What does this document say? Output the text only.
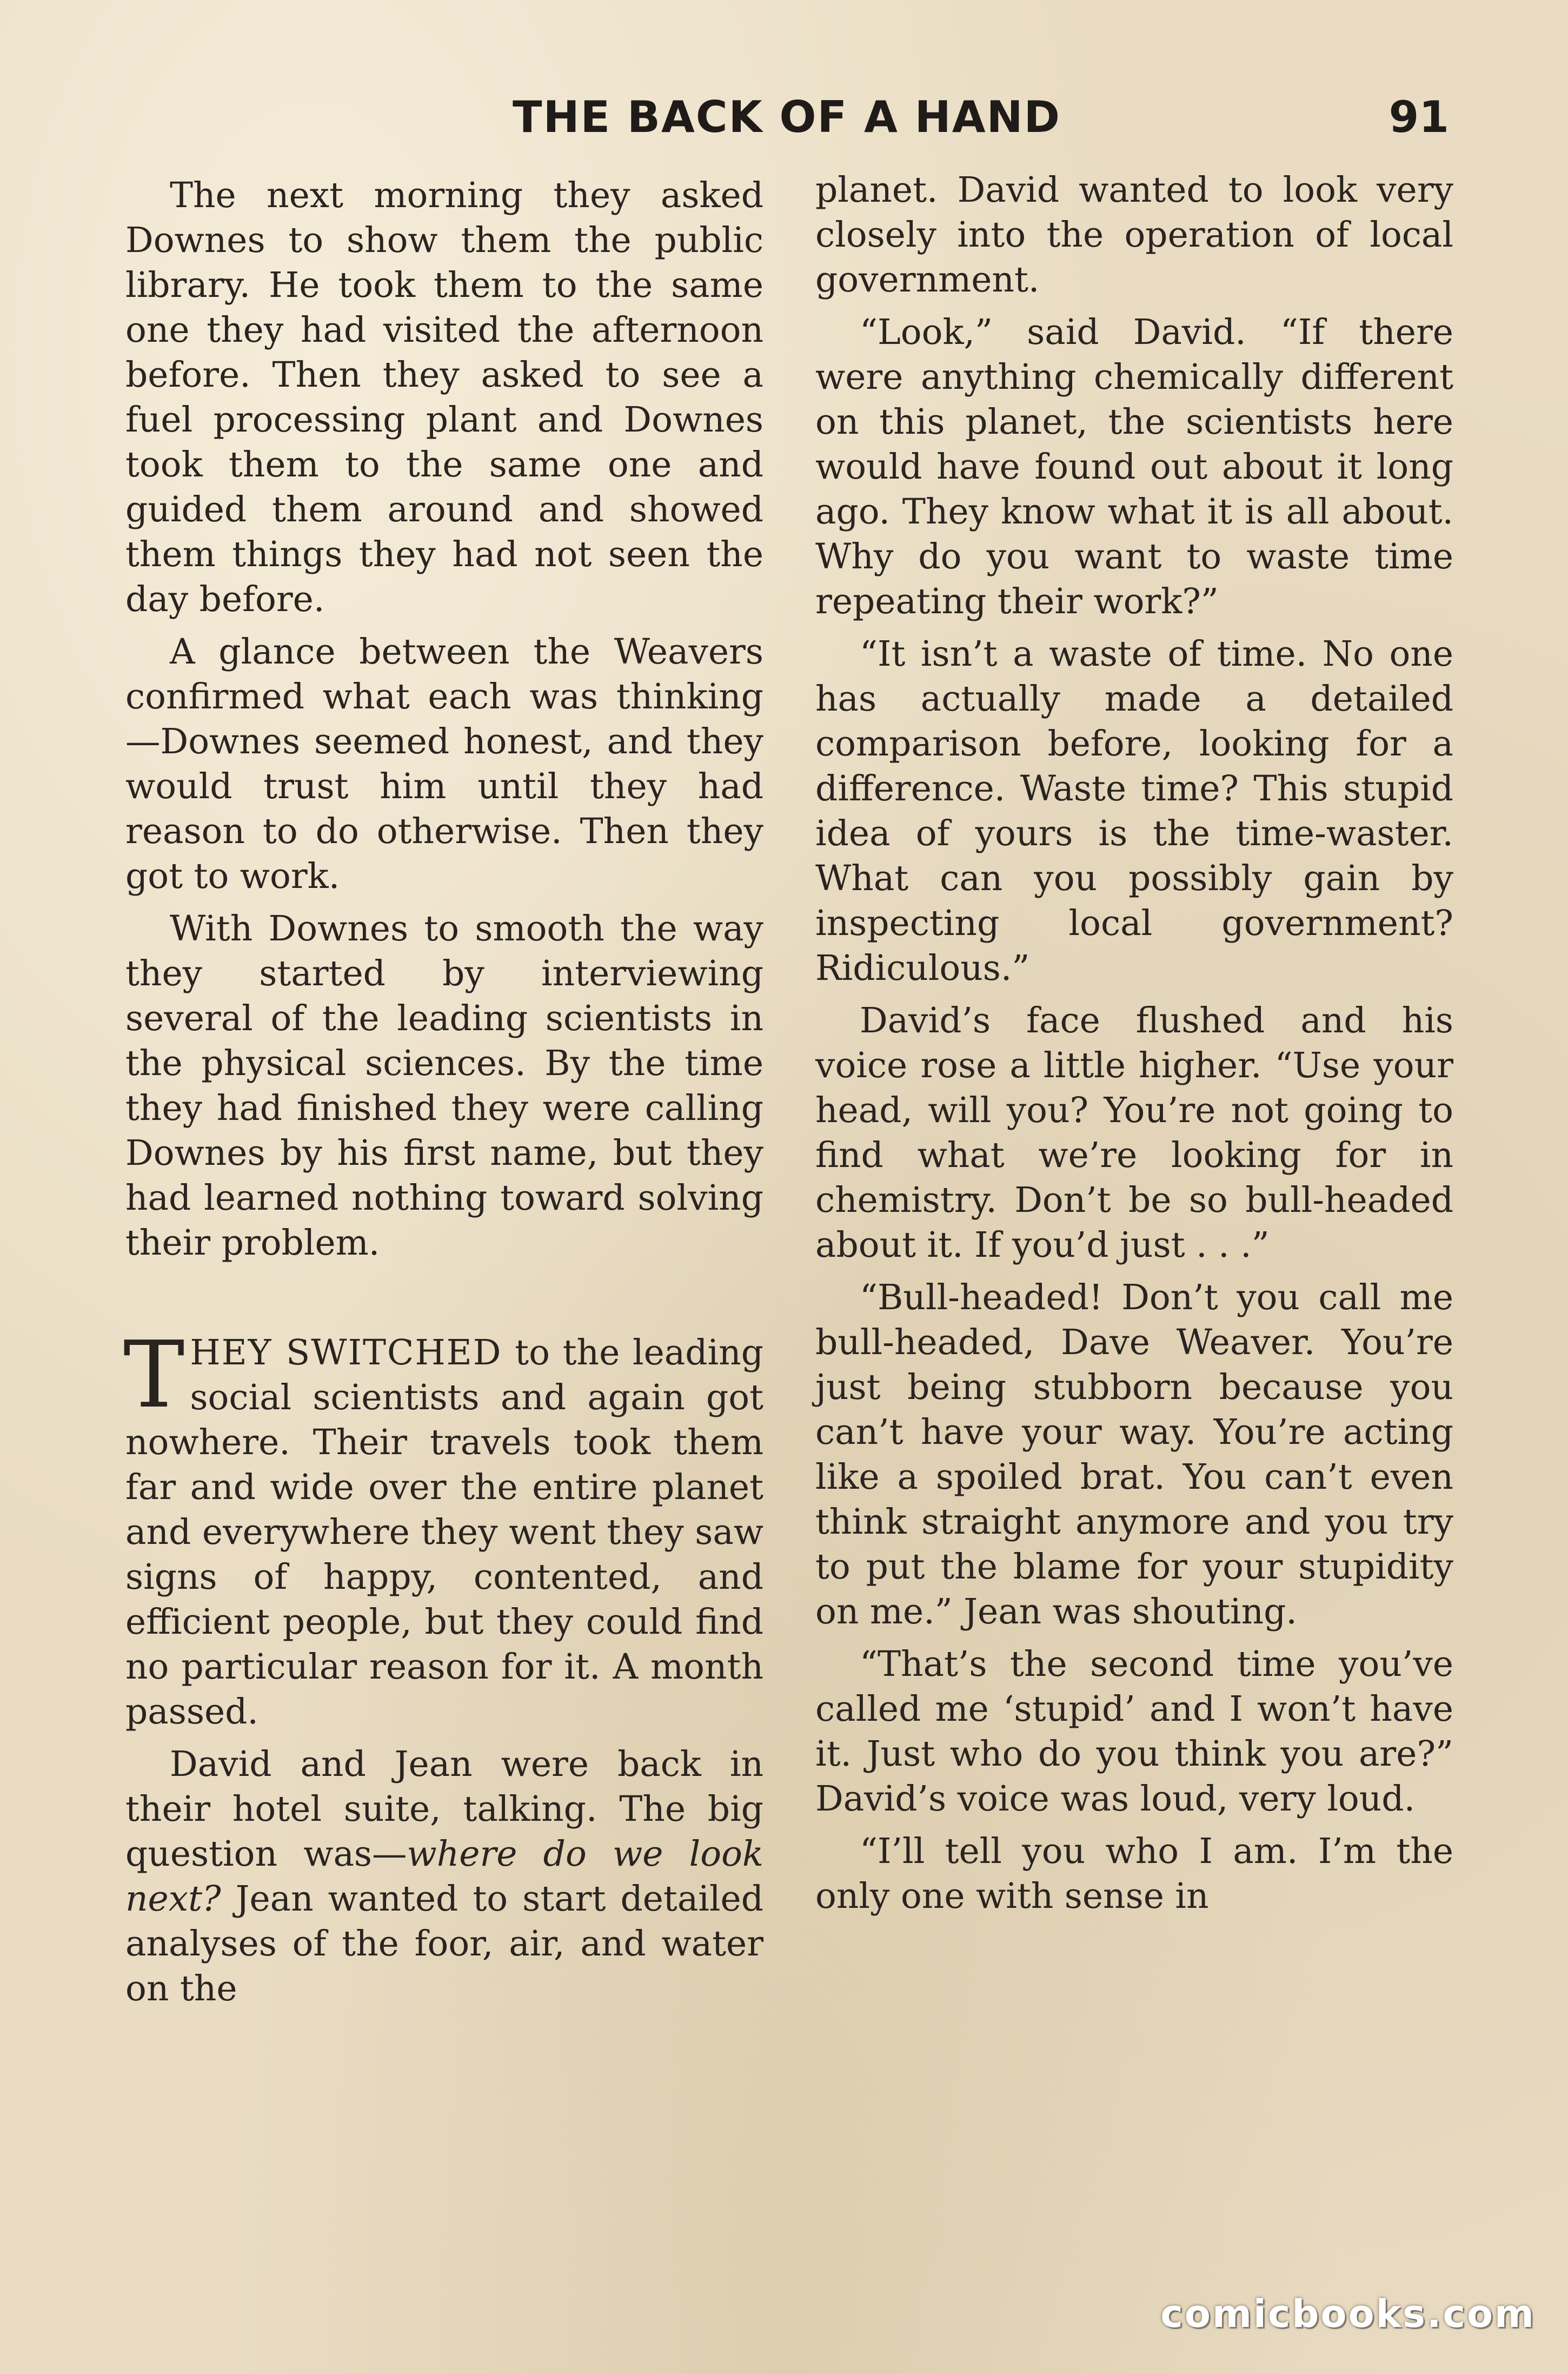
THE BACK OF A HAND	91

The next morning they asked Downes to show them the public library. He took them to the same one they had visited the afternoon before. Then they asked to see a fuel processing plant and Downes took them to the same one and guided them around and showed them things they had not seen the day before.

A glance between the Weavers confirmed what each was thinking—Downes seemed honest, and they would trust him until they had reason to do otherwise. Then they got to work.

With Downes to smooth the way they started by interviewing several of the leading scientists in the physical sciences. By the time they had finished they were calling Downes by his first name, but they had learned nothing toward solving their problem.

THEY SWITCHED to the leading social scientists and again got nowhere. Their travels took them far and wide over the entire planet and everywhere they went they saw signs of happy, contented, and efficient people, but they could find no particular reason for it. A month passed.

David and Jean were back in their hotel suite, talking. The big question was—where do we look next? Jean wanted to start detailed analyses of the foor, air, and water on the

planet. David wanted to look very closely into the operation of local government.

“Look,” said David. “If there were anything chemically different on this planet, the scientists here would have found out about it long ago. They know what it is all about. Why do you want to waste time repeating their work?”

“It isn’t a waste of time. No one has actually made a detailed comparison before, looking for a difference. Waste time? This stupid idea of yours is the time-waster. What can you possibly gain by inspecting local government? Ridiculous.”

David’s face flushed and his voice rose a little higher. “Use your head, will you? You’re not going to find what we’re looking for in chemistry. Don’t be so bull-headed about it. If you’d just . . .”

“Bull-headed! Don’t you call me bull-headed, Dave Weaver. You’re just being stubborn because you can’t have your way. You’re acting like a spoiled brat. You can’t even think straight anymore and you try to put the blame for your stupidity on me.” Jean was shouting.

“That’s the second time you’ve called me ‘stupid’ and I won’t have it. Just who do you think you are?” David’s voice was loud, very loud.

“I’ll tell you who I am. I’m the only one with sense in

comicbooks.com
